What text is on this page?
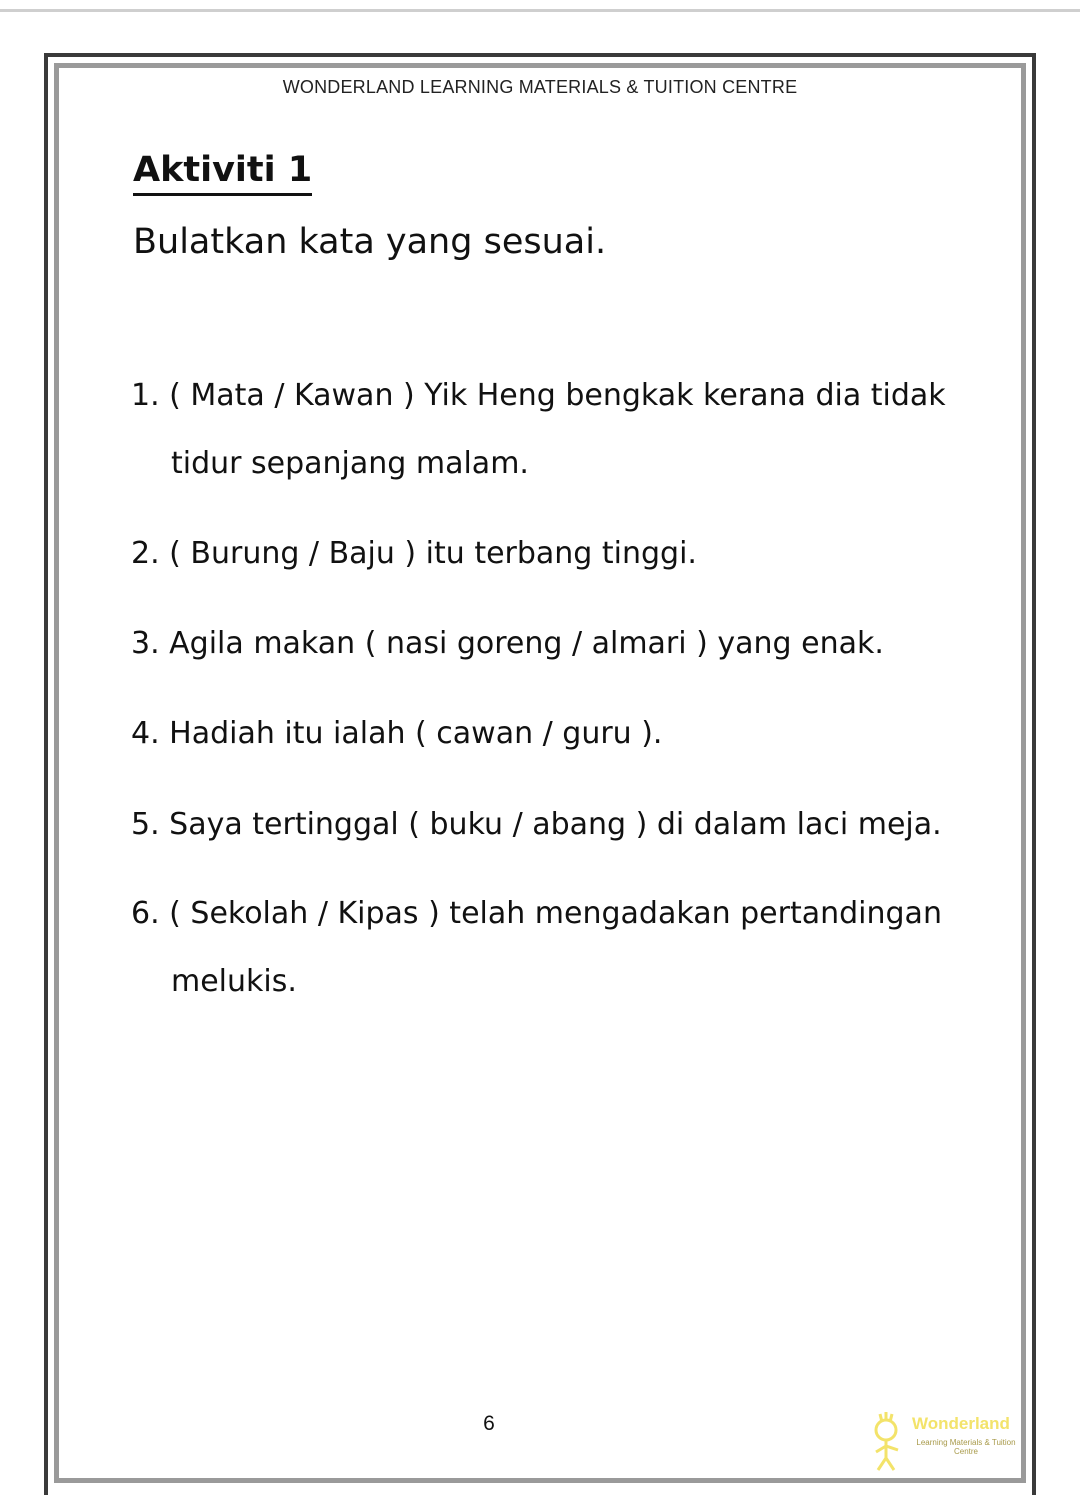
WONDERLAND LEARNING MATERIALS & TUITION CENTRE
Aktiviti 1
Bulatkan kata yang sesuai.
1. ( Mata / Kawan ) Yik Heng bengkak kerana dia tidak
tidur sepanjang malam.
2. ( Burung / Baju ) itu terbang tinggi.
3. Agila makan ( nasi goreng / almari ) yang enak.
4. Hadiah itu ialah ( cawan / guru ).
5. Saya tertinggal ( buku / abang ) di dalam laci meja.
6. ( Sekolah / Kipas ) telah mengadakan pertandingan
melukis.
6	Wonderland
Learning Materials & Tuition Centre
